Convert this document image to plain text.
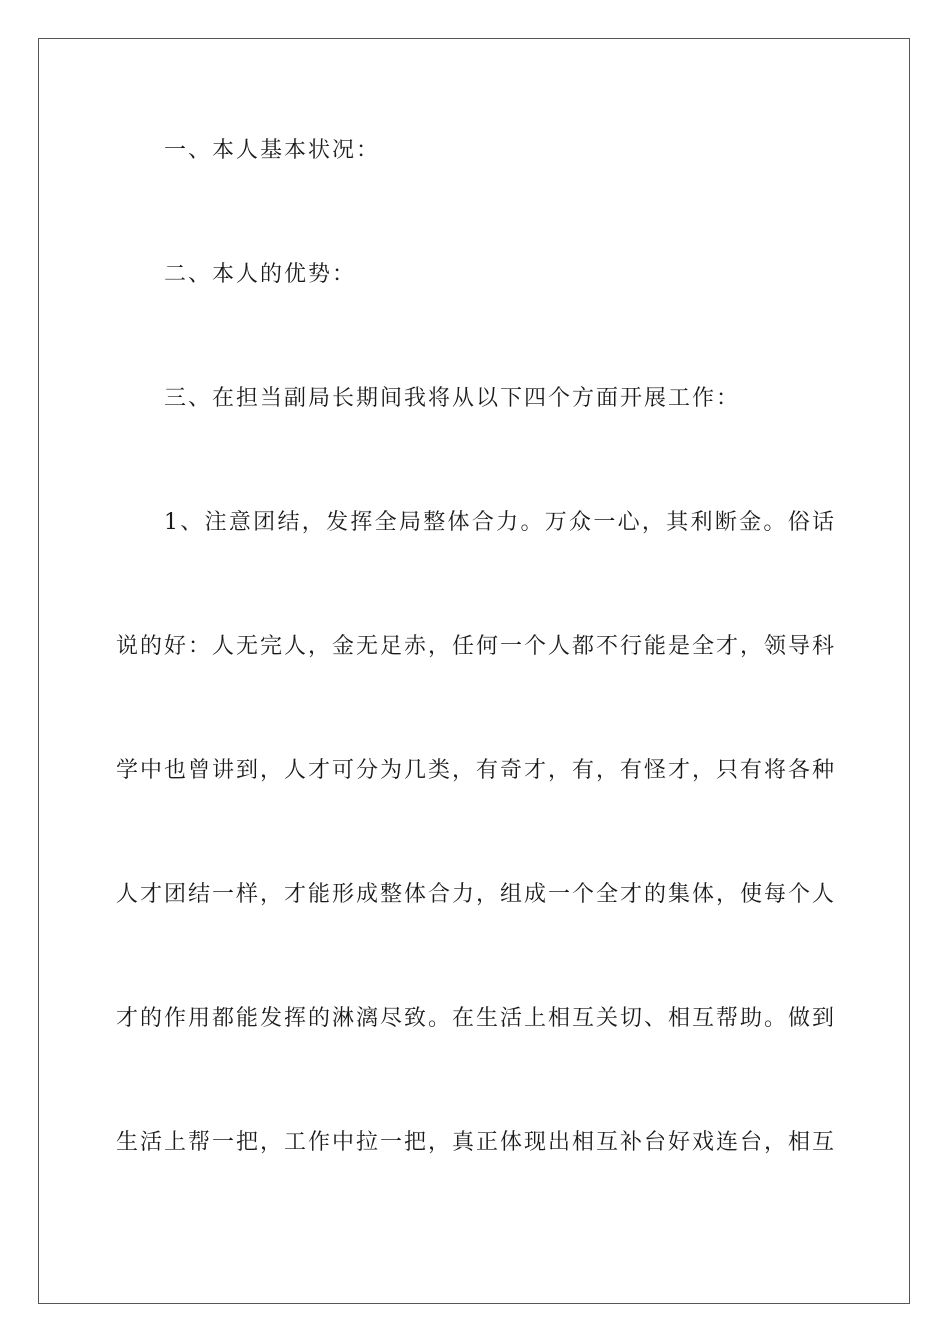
一、本人基本状况：
二、本人的优势：
三、在担当副局长期间我将从以下四个方面开展工作：
1、注意团结，发挥全局整体合力。万众一心，其利断金。俗话
说的好：人无完人，金无足赤，任何一个人都不行能是全才，领导科
学中也曾讲到，人才可分为几类，有奇才，有，有怪才，只有将各种
人才团结一样，才能形成整体合力，组成一个全才的集体，使每个人
才的作用都能发挥的淋漓尽致。在生活上相互关切、相互帮助。做到
生活上帮一把，工作中拉一把，真正体现出相互补台好戏连台，相互
